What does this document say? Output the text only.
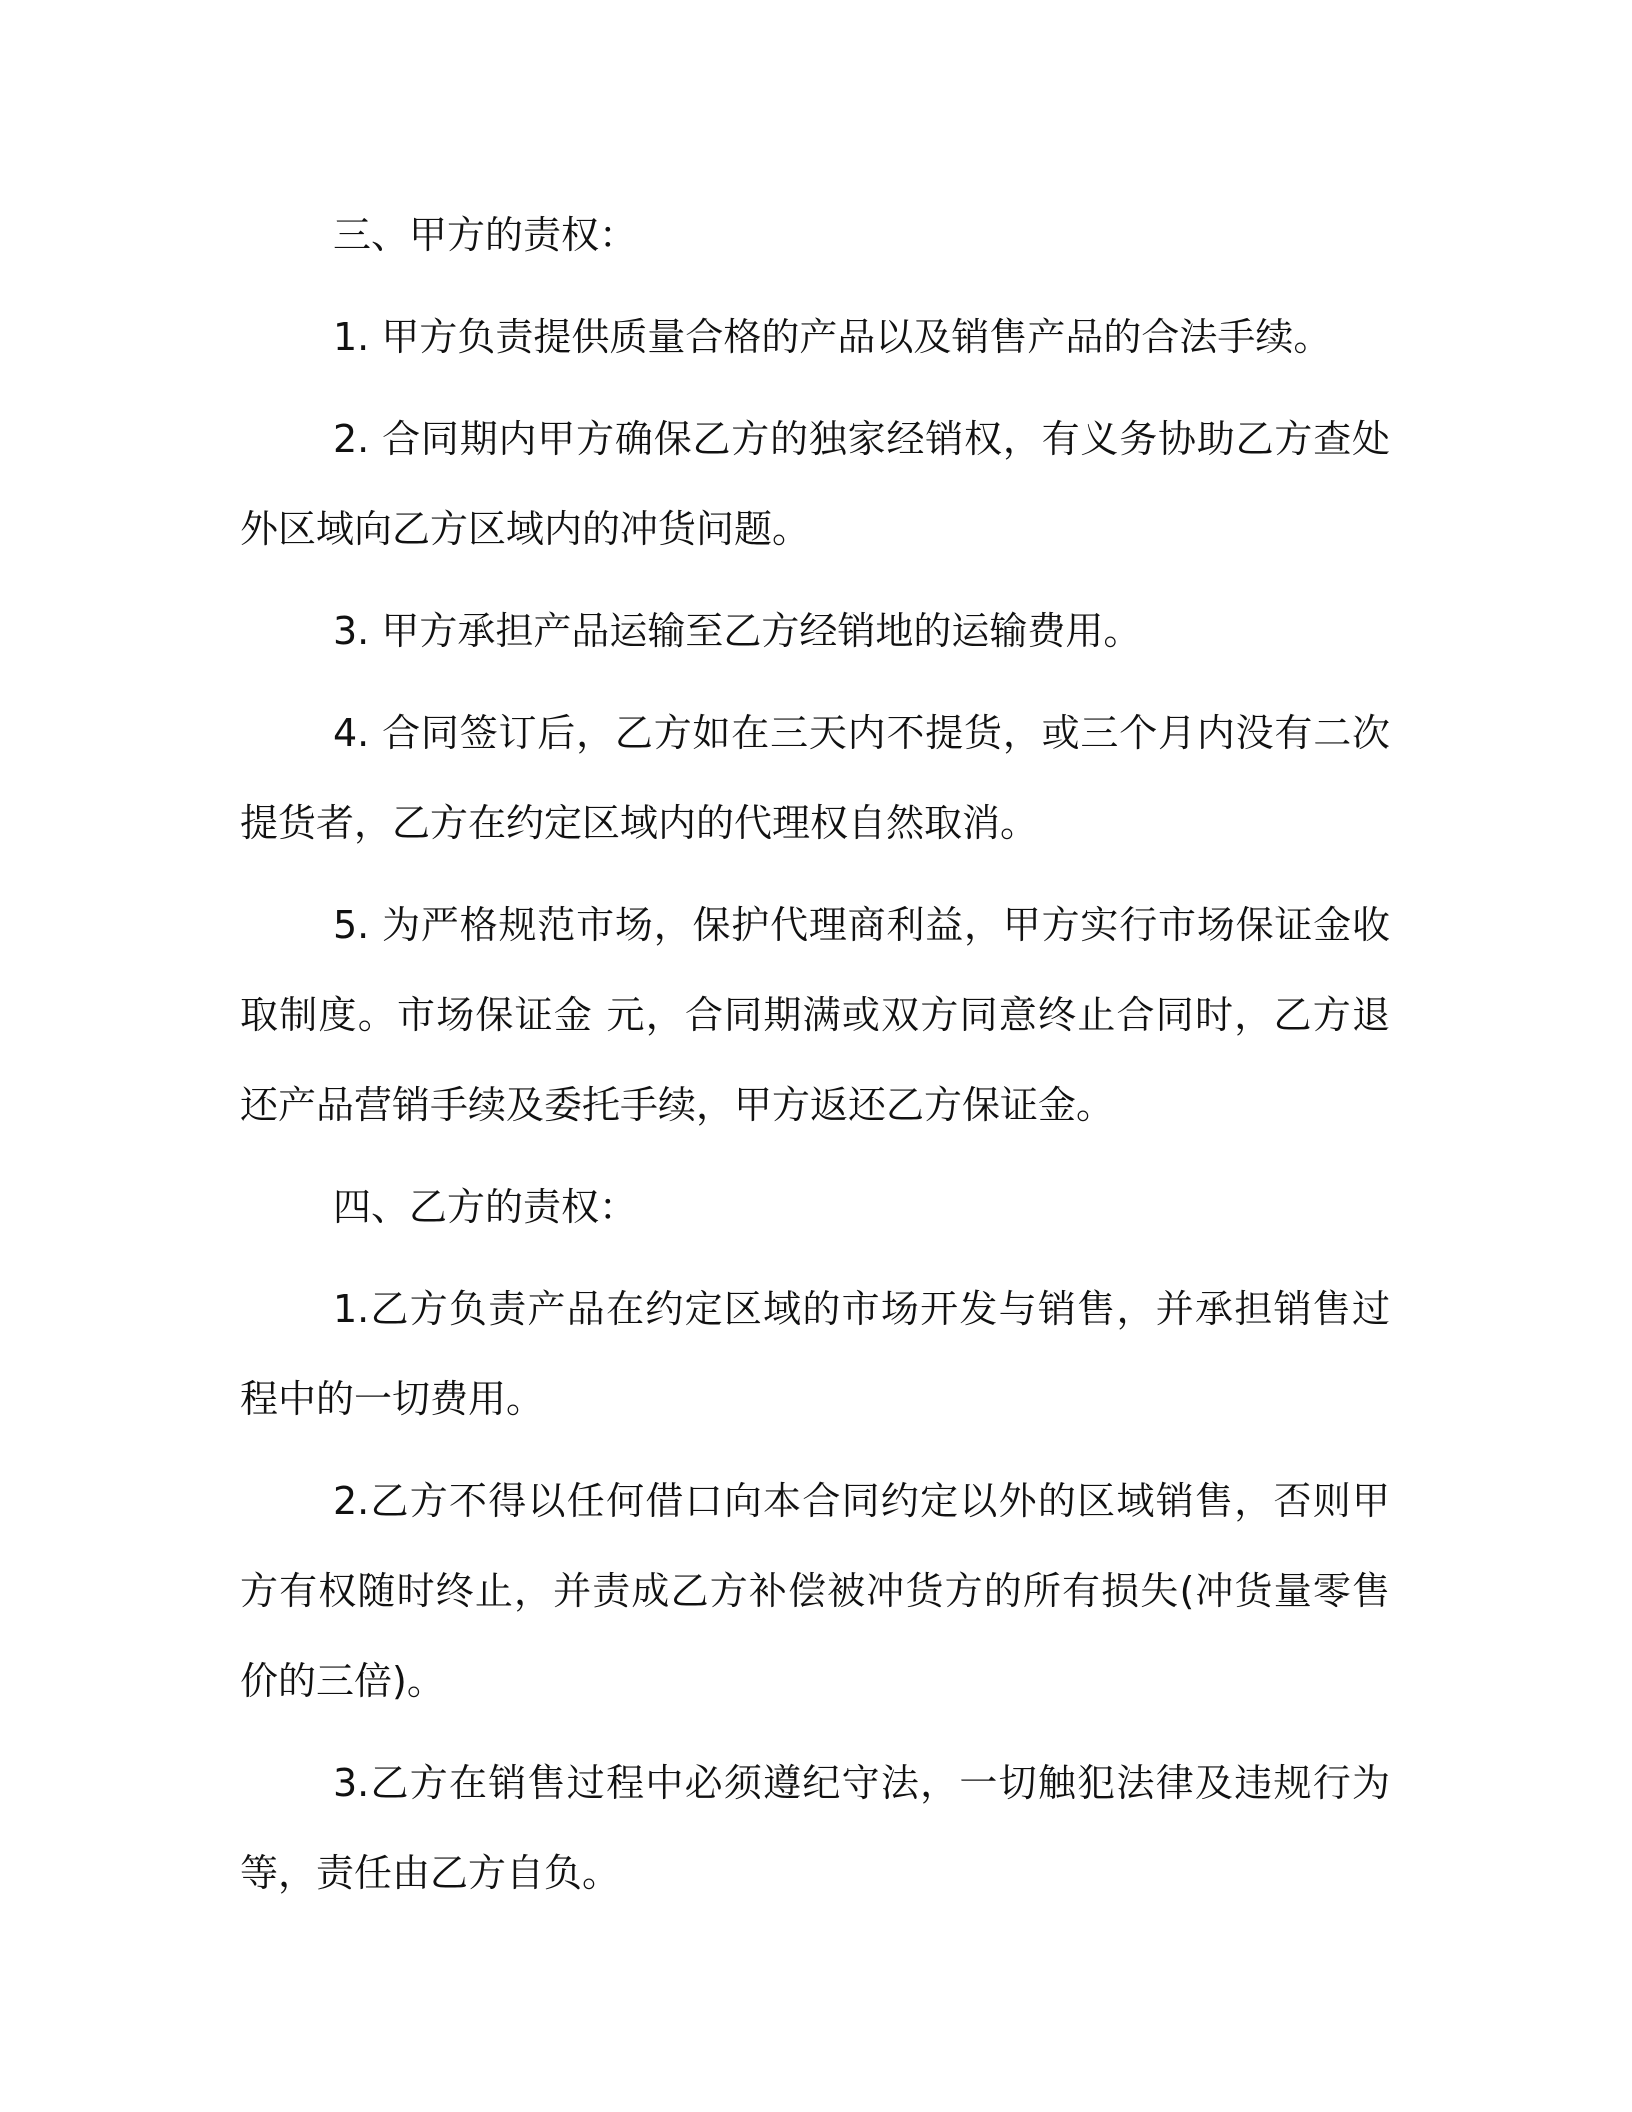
三、甲方的责权：

1. 甲方负责提供质量合格的产品以及销售产品的合法手续。

2. 合同期内甲方确保乙方的独家经销权，有义务协助乙方查处外区域向乙方区域内的冲货问题。

3. 甲方承担产品运输至乙方经销地的运输费用。

4. 合同签订后，乙方如在三天内不提货，或三个月内没有二次提货者，乙方在约定区域内的代理权自然取消。

5. 为严格规范市场，保护代理商利益，甲方实行市场保证金收取制度。市场保证金 元，合同期满或双方同意终止合同时，乙方退还产品营销手续及委托手续，甲方返还乙方保证金。

四、乙方的责权：

1.乙方负责产品在约定区域的市场开发与销售，并承担销售过程中的一切费用。

2.乙方不得以任何借口向本合同约定以外的区域销售，否则甲方有权随时终止，并责成乙方补偿被冲货方的所有损失(冲货量零售价的三倍)。

3.乙方在销售过程中必须遵纪守法，一切触犯法律及违规行为等，责任由乙方自负。
